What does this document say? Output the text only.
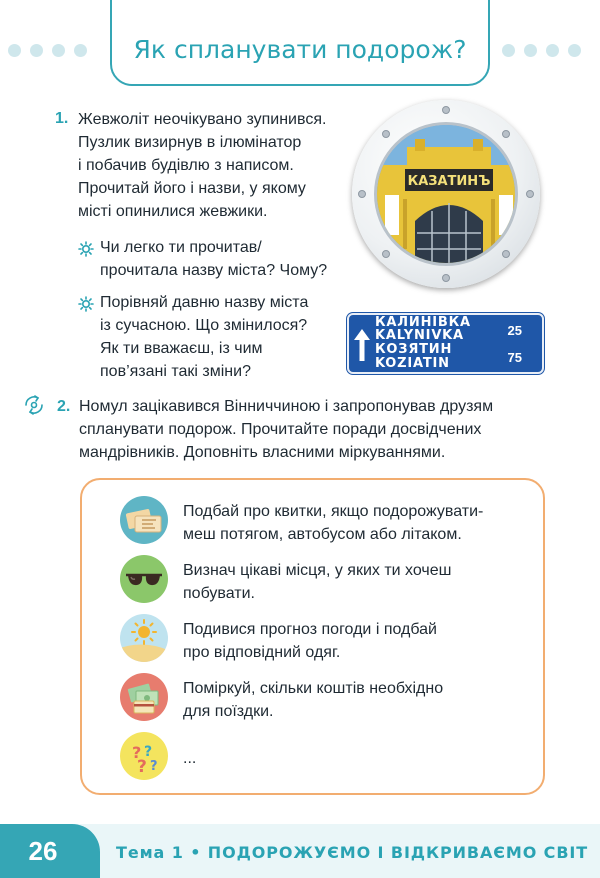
Як спланувати подорож?
1. Жевжоліт неочікувано зупинився.
Пузлик визирнув в ілюмінатор
і побачив будівлю з написом.
Прочитай його і назви, у якому
місті опинилися жевжики.
Чи легко ти прочитав/
прочитала назву міста? Чому?
Порівняй давню назву міста
із сучасною. Що змінилося?
Як ти вважаєш, із чим
пов’язані такі зміни?
КАЗАТИНЪ
КАЛИНІВКА
KALYNIVKA
КОЗЯТИН
KOZIATIN
25
75
2. Номул зацікавився Вінниччиною і запропонував друзям
спланувати подорож. Прочитайте поради досвідчених
мандрівників. Доповніть власними міркуваннями.
Подбай про квитки, якщо подорожувати-
меш потягом, автобусом або літаком.
Визнач цікаві місця, у яких ти хочеш
побувати.
Подивися прогноз погоди і подбай
про відповідний одяг.
Поміркуй, скільки коштів необхідно
для поїздки.
? ?
? ? ...
26	Тема 1 • ПОДОРОЖУЄМО І ВІДКРИВАЄМО СВІТ
